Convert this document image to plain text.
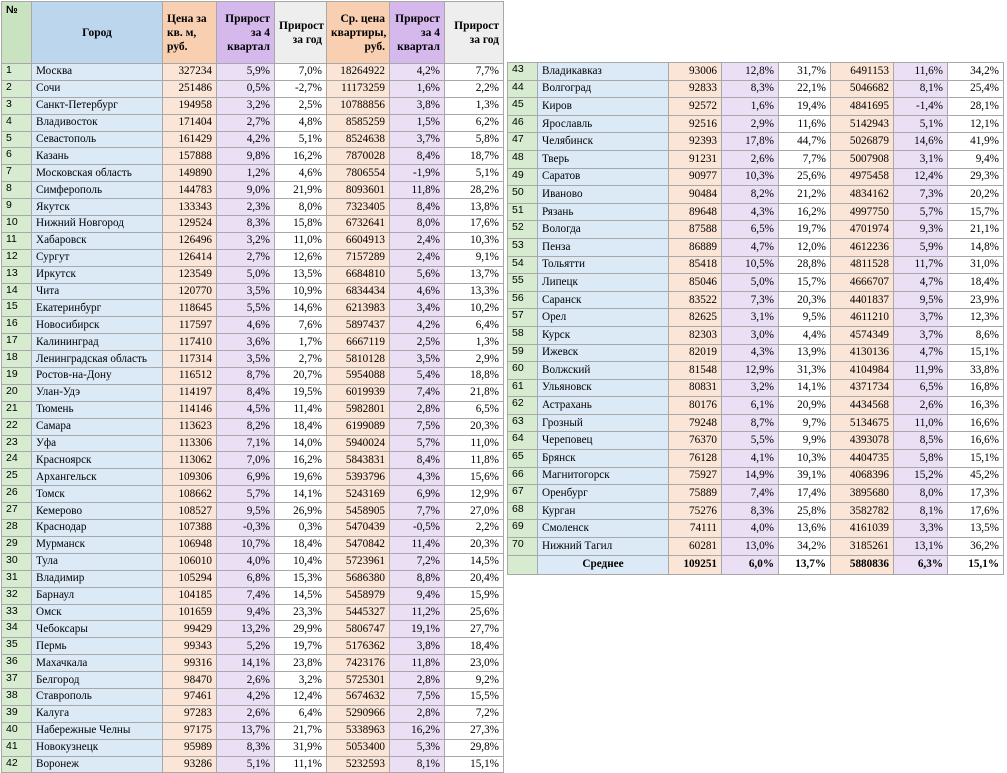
№	Город	Цена за кв. м, руб.	Прирост за 4 квартал	Прирост за год	Ср. цена квартиры, руб.	Прирост за 4 квартал	Прирост за год
1	Москва	327234	5,9%	7,0%	18264922	4,2%	7,7%
2	Сочи	251486	0,5%	-2,7%	11173259	1,6%	2,2%
3	Санкт-Петербург	194958	3,2%	2,5%	10788856	3,8%	1,3%
4	Владивосток	171404	2,7%	4,8%	8585259	1,5%	6,2%
5	Севастополь	161429	4,2%	5,1%	8524638	3,7%	5,8%
6	Казань	157888	9,8%	16,2%	7870028	8,4%	18,7%
7	Московская область	149890	1,2%	4,6%	7806554	-1,9%	5,1%
8	Симферополь	144783	9,0%	21,9%	8093601	11,8%	28,2%
9	Якутск	133343	2,3%	8,0%	7323405	8,4%	13,8%
10	Нижний Новгород	129524	8,3%	15,8%	6732641	8,0%	17,6%
11	Хабаровск	126496	3,2%	11,0%	6604913	2,4%	10,3%
12	Сургут	126414	2,7%	12,6%	7157289	2,4%	9,1%
13	Иркутск	123549	5,0%	13,5%	6684810	5,6%	13,7%
14	Чита	120770	3,5%	10,9%	6834434	4,6%	13,3%
15	Екатеринбург	118645	5,5%	14,6%	6213983	3,4%	10,2%
16	Новосибирск	117597	4,6%	7,6%	5897437	4,2%	6,4%
17	Калининград	117410	3,6%	1,7%	6667119	2,5%	1,3%
18	Ленинградская область	117314	3,5%	2,7%	5810128	3,5%	2,9%
19	Ростов-на-Дону	116512	8,7%	20,7%	5954088	5,4%	18,8%
20	Улан-Удэ	114197	8,4%	19,5%	6019939	7,4%	21,8%
21	Тюмень	114146	4,5%	11,4%	5982801	2,8%	6,5%
22	Самара	113623	8,2%	18,4%	6199089	7,5%	20,3%
23	Уфа	113306	7,1%	14,0%	5940024	5,7%	11,0%
24	Красноярск	113062	7,0%	16,2%	5843831	8,4%	11,8%
25	Архангельск	109306	6,9%	19,6%	5393796	4,3%	15,6%
26	Томск	108662	5,7%	14,1%	5243169	6,9%	12,9%
27	Кемерово	108527	9,5%	26,9%	5458905	7,7%	27,0%
28	Краснодар	107388	-0,3%	0,3%	5470439	-0,5%	2,2%
29	Мурманск	106948	10,7%	18,4%	5470842	11,4%	20,3%
30	Тула	106010	4,0%	10,4%	5723961	7,2%	14,5%
31	Владимир	105294	6,8%	15,3%	5686380	8,8%	20,4%
32	Барнаул	104185	7,4%	14,5%	5458979	9,4%	15,9%
33	Омск	101659	9,4%	23,3%	5445327	11,2%	25,6%
34	Чебоксары	99429	13,2%	29,9%	5806747	19,1%	27,7%
35	Пермь	99343	5,2%	19,7%	5176362	3,8%	18,4%
36	Махачкала	99316	14,1%	23,8%	7423176	11,8%	23,0%
37	Белгород	98470	2,6%	3,2%	5725301	2,8%	9,2%
38	Ставрополь	97461	4,2%	12,4%	5674632	7,5%	15,5%
39	Калуга	97283	2,6%	6,4%	5290966	2,8%	7,2%
40	Набережные Челны	97175	13,7%	21,7%	5338963	16,2%	27,3%
41	Новокузнецк	95989	8,3%	31,9%	5053400	5,3%	29,8%
42	Воронеж	93286	5,1%	11,1%	5232593	8,1%	15,1%
43	Владикавказ	93006	12,8%	31,7%	6491153	11,6%	34,2%
44	Волгоград	92833	8,3%	22,1%	5046682	8,1%	25,4%
45	Киров	92572	1,6%	19,4%	4841695	-1,4%	28,1%
46	Ярославль	92516	2,9%	11,6%	5142943	5,1%	12,1%
47	Челябинск	92393	17,8%	44,7%	5026879	14,6%	41,9%
48	Тверь	91231	2,6%	7,7%	5007908	3,1%	9,4%
49	Саратов	90977	10,3%	25,6%	4975458	12,4%	29,3%
50	Иваново	90484	8,2%	21,2%	4834162	7,3%	20,2%
51	Рязань	89648	4,3%	16,2%	4997750	5,7%	15,7%
52	Вологда	87588	6,5%	19,7%	4701974	9,3%	21,1%
53	Пенза	86889	4,7%	12,0%	4612236	5,9%	14,8%
54	Тольятти	85418	10,5%	28,8%	4811528	11,7%	31,0%
55	Липецк	85046	5,0%	15,7%	4666707	4,7%	18,4%
56	Саранск	83522	7,3%	20,3%	4401837	9,5%	23,9%
57	Орел	82625	3,1%	9,5%	4611210	3,7%	12,3%
58	Курск	82303	3,0%	4,4%	4574349	3,7%	8,6%
59	Ижевск	82019	4,3%	13,9%	4130136	4,7%	15,1%
60	Волжский	81548	12,9%	31,3%	4104984	11,9%	33,8%
61	Ульяновск	80831	3,2%	14,1%	4371734	6,5%	16,8%
62	Астрахань	80176	6,1%	20,9%	4434568	2,6%	16,3%
63	Грозный	79248	8,7%	9,7%	5134675	11,0%	16,6%
64	Череповец	76370	5,5%	9,9%	4393078	8,5%	16,6%
65	Брянск	76128	4,1%	10,3%	4404735	5,8%	15,1%
66	Магнитогорск	75927	14,9%	39,1%	4068396	15,2%	45,2%
67	Оренбург	75889	7,4%	17,4%	3895680	8,0%	17,3%
68	Курган	75276	8,3%	25,8%	3582782	8,1%	17,6%
69	Смоленск	74111	4,0%	13,6%	4161039	3,3%	13,5%
70	Нижний Тагил	60281	13,0%	34,2%	3185261	13,1%	36,2%
	Среднее	109251	6,0%	13,7%	5880836	6,3%	15,1%
